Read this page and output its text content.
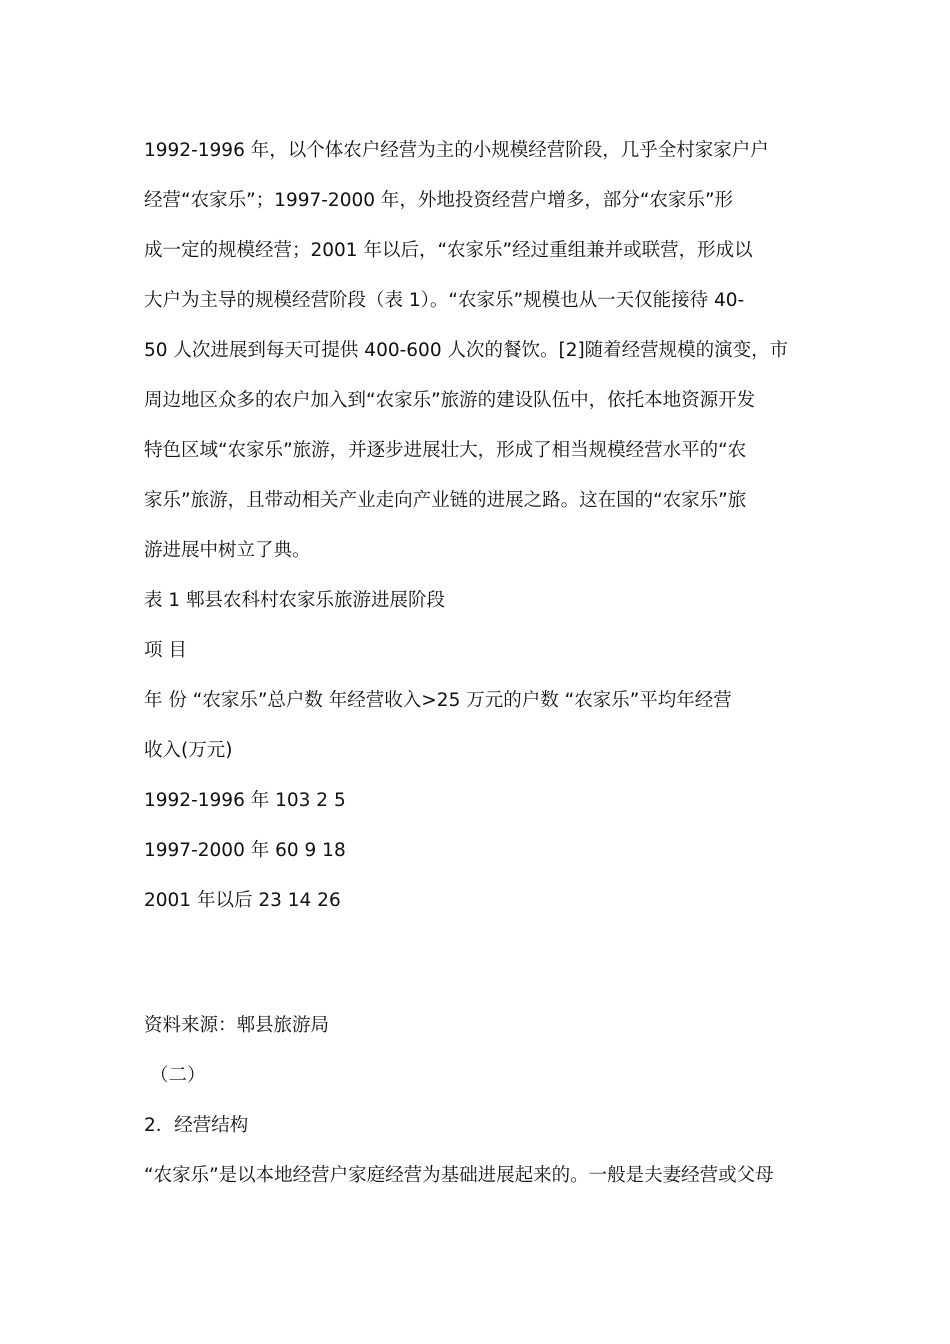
1992-1996 年，以个体农户经营为主的小规模经营阶段，几乎全村家家户户
经营“农家乐”；1997-2000 年，外地投资经营户增多，部分“农家乐”形
成一定的规模经营；2001 年以后，“农家乐”经过重组兼并或联营，形成以
大户为主导的规模经营阶段（表 1）。“农家乐”规模也从一天仅能接待 40-
50 人次进展到每天可提供 400-600 人次的餐饮。[2]随着经营规模的演变，市
周边地区众多的农户加入到“农家乐”旅游的建设队伍中，依托本地资源开发
特色区域“农家乐”旅游，并逐步进展壮大，形成了相当规模经营水平的“农
家乐”旅游，且带动相关产业走向产业链的进展之路。这在国的“农家乐”旅
游进展中树立了典。
表 1 郫县农科村农家乐旅游进展阶段
项 目
年 份 “农家乐”总户数 年经营收入>25 万元的户数 “农家乐”平均年经营
收入(万元)
1992-1996 年 103 2 5
1997-2000 年 60 9 18
2001 年以后 23 14 26
资料来源：郫县旅游局
（二）
2．经营结构
“农家乐”是以本地经营户家庭经营为基础进展起来的。一般是夫妻经营或父母
